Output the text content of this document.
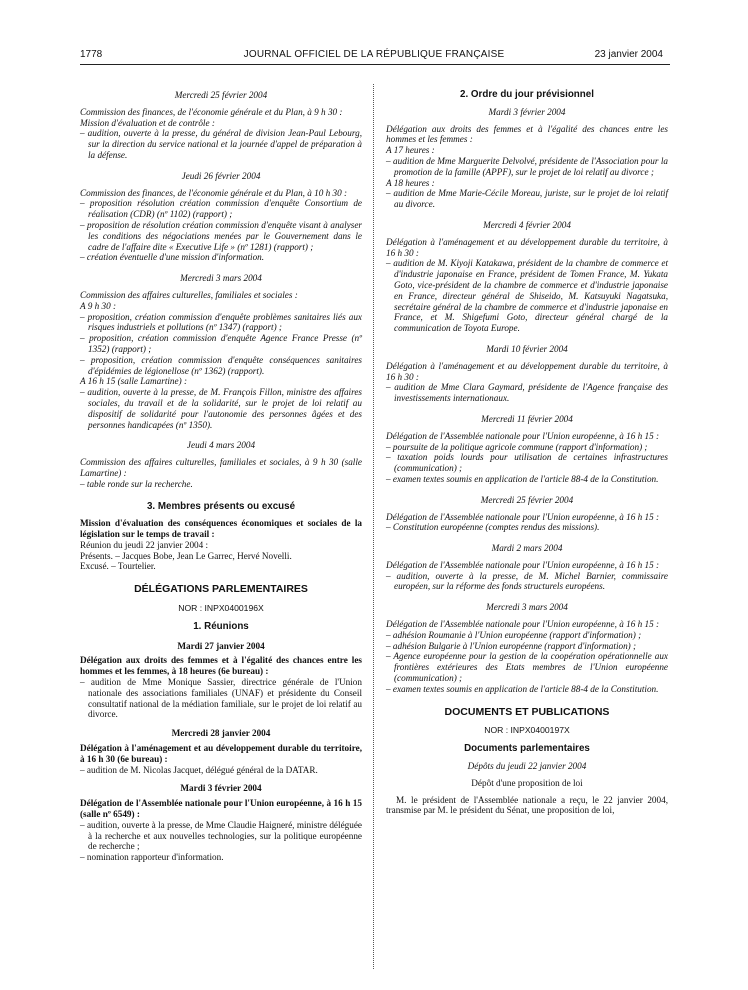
1778	JOURNAL OFFICIEL DE LA RÉPUBLIQUE FRANÇAISE	23 janvier 2004

Mercredi 25 février 2004

Commission des finances, de l'économie générale et du Plan, à 9 h 30 :

Mission d'évaluation et de contrôle :

– audition, ouverte à la presse, du général de division Jean-Paul Lebourg, sur la direction du service national et la journée d'appel de préparation à la défense.

Jeudi 26 février 2004

Commission des finances, de l'économie générale et du Plan, à 10 h 30 :

– proposition résolution création commission d'enquête Consortium de réalisation (CDR) (nº 1102) (rapport) ;

– proposition de résolution création commission d'enquête visant à analyser les conditions des négociations menées par le Gouvernement dans le cadre de l'affaire dite « Executive Life » (nº 1281) (rapport) ;

– création éventuelle d'une mission d'information.

Mercredi 3 mars 2004

Commission des affaires culturelles, familiales et sociales :

A 9 h 30 :

– proposition, création commission d'enquête problèmes sanitaires liés aux risques industriels et pollutions (nº 1347) (rapport) ;

– proposition, création commission d'enquête Agence France Presse (nº 1352) (rapport) ;

– proposition, création commission d'enquête conséquences sanitaires d'épidémies de légionellose (nº 1362) (rapport).

A 16 h 15 (salle Lamartine) :

– audition, ouverte à la presse, de M. François Fillon, ministre des affaires sociales, du travail et de la solidarité, sur le projet de loi relatif au dispositif de solidarité pour l'autonomie des personnes âgées et des personnes handicapées (nº 1350).

Jeudi 4 mars 2004

Commission des affaires culturelles, familiales et sociales, à 9 h 30 (salle Lamartine) :

– table ronde sur la recherche.

3. Membres présents ou excusé

Mission d'évaluation des conséquences économiques et sociales de la législation sur le temps de travail :

Réunion du jeudi 22 janvier 2004 :

Présents. – Jacques Bobe, Jean Le Garrec, Hervé Novelli.

Excusé. – Tourtelier.

DÉLÉGATIONS PARLEMENTAIRES

NOR : INPX0400196X

1. Réunions

Mardi 27 janvier 2004

Délégation aux droits des femmes et à l'égalité des chances entre les hommes et les femmes, à 18 heures (6e bureau) :

– audition de Mme Monique Sassier, directrice générale de l'Union nationale des associations familiales (UNAF) et présidente du Conseil consultatif national de la médiation familiale, sur le projet de loi relatif au divorce.

Mercredi 28 janvier 2004

Délégation à l'aménagement et au développement durable du territoire, à 16 h 30 (6e bureau) :

– audition de M. Nicolas Jacquet, délégué général de la DATAR.

Mardi 3 février 2004

Délégation de l'Assemblée nationale pour l'Union européenne, à 16 h 15 (salle nº 6549) :

– audition, ouverte à la presse, de Mme Claudie Haigneré, ministre déléguée à la recherche et aux nouvelles technologies, sur la politique européenne de recherche ;

– nomination rapporteur d'information.

2. Ordre du jour prévisionnel

Mardi 3 février 2004

Délégation aux droits des femmes et à l'égalité des chances entre les hommes et les femmes :

A 17 heures :

– audition de Mme Marguerite Delvolvé, présidente de l'Association pour la promotion de la famille (APPF), sur le projet de loi relatif au divorce ;

A 18 heures :

– audition de Mme Marie-Cécile Moreau, juriste, sur le projet de loi relatif au divorce.

Mercredi 4 février 2004

Délégation à l'aménagement et au développement durable du territoire, à 16 h 30 :

– audition de M. Kiyoji Katakawa, président de la chambre de commerce et d'industrie japonaise en France, président de Tomen France, M. Yukata Goto, vice-président de la chambre de commerce et d'industrie japonaise en France, directeur général de Shiseido, M. Katsuyuki Nagatsuka, secrétaire général de la chambre de commerce et d'industrie japonaise en France, et M. Shigefumi Goto, directeur général chargé de la communication de Toyota Europe.

Mardi 10 février 2004

Délégation à l'aménagement et au développement durable du territoire, à 16 h 30 :

– audition de Mme Clara Gaymard, présidente de l'Agence française des investissements internationaux.

Mercredi 11 février 2004

Délégation de l'Assemblée nationale pour l'Union européenne, à 16 h 15 :

– poursuite de la politique agricole commune (rapport d'information) ;

– taxation poids lourds pour utilisation de certaines infrastructures (communication) ;

– examen textes soumis en application de l'article 88-4 de la Constitution.

Mercredi 25 février 2004

Délégation de l'Assemblée nationale pour l'Union européenne, à 16 h 15 :

– Constitution européenne (comptes rendus des missions).

Mardi 2 mars 2004

Délégation de l'Assemblée nationale pour l'Union européenne, à 16 h 15 :

– audition, ouverte à la presse, de M. Michel Barnier, commissaire européen, sur la réforme des fonds structurels européens.

Mercredi 3 mars 2004

Délégation de l'Assemblée nationale pour l'Union européenne, à 16 h 15 :

– adhésion Roumanie à l'Union européenne (rapport d'information) ;

– adhésion Bulgarie à l'Union européenne (rapport d'information) ;

– Agence européenne pour la gestion de la coopération opérationnelle aux frontières extérieures des Etats membres de l'Union européenne (communication) ;

– examen textes soumis en application de l'article 88-4 de la Constitution.

DOCUMENTS ET PUBLICATIONS

NOR : INPX0400197X

Documents parlementaires

Dépôts du jeudi 22 janvier 2004

Dépôt d'une proposition de loi

M. le président de l'Assemblée nationale a reçu, le 22 janvier 2004, transmise par M. le président du Sénat, une proposition de loi,
